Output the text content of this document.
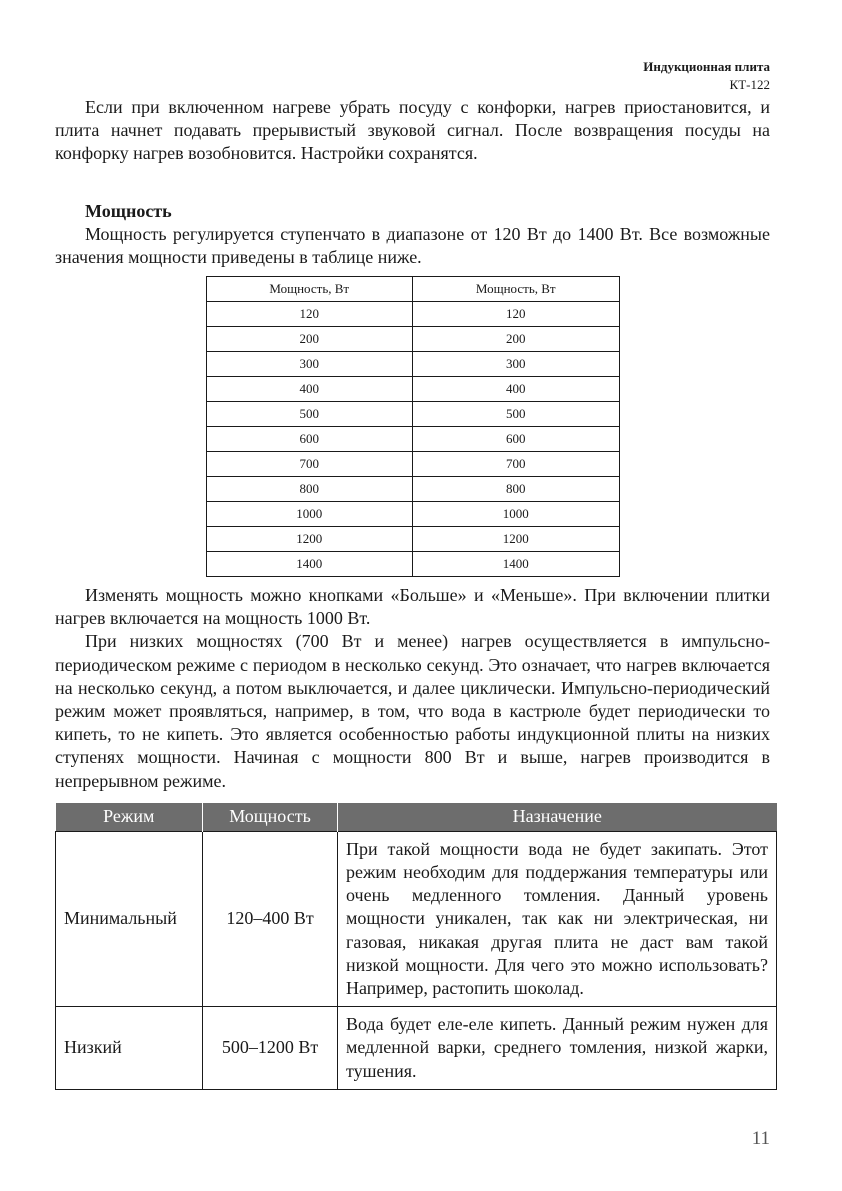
Индукционная плита
КТ-122

Если при включенном нагреве убрать посуду с конфорки, нагрев приостановится, и плита начнет подавать прерывистый звуковой сигнал. После возвращения посуды на конфорку нагрев возобновится. Настройки сохранятся.

Мощность

Мощность регулируется ступенчато в диапазоне от 120 Вт до 1400 Вт. Все возможные значения мощности приведены в таблице ниже.

Мощность, Вт	Мощность, Вт
120	120
200	200
300	300
400	400
500	500
600	600
700	700
800	800
1000	1000
1200	1200
1400	1400

Изменять мощность можно кнопками «Больше» и «Меньше». При включении плитки нагрев включается на мощность 1000 Вт.

При низких мощностях (700 Вт и менее) нагрев осуществляется в импульсно-периодическом режиме с периодом в несколько секунд. Это означает, что нагрев включается на несколько секунд, а потом выключается, и далее циклически. Импульсно-периодический режим может проявляться, например, в том, что вода в кастрюле будет периодически то кипеть, то не кипеть. Это является особенностью работы индукционной плиты на низких ступенях мощности. Начиная с мощности 800 Вт и выше, нагрев производится в непрерывном режиме.

Режим	Мощность	Назначение
Минимальный	120–400 Вт	При такой мощности вода не будет закипать. Этот режим необходим для поддержания температуры или очень медленного томления. Данный уровень мощности уникален, так как ни электрическая, ни газовая, никакая другая плита не даст вам такой низкой мощности. Для чего это можно использовать? Например, растопить шоколад.
Низкий	500–1200 Вт	Вода будет еле-еле кипеть. Данный режим нужен для медленной варки, среднего томления, низкой жарки, тушения.
11
